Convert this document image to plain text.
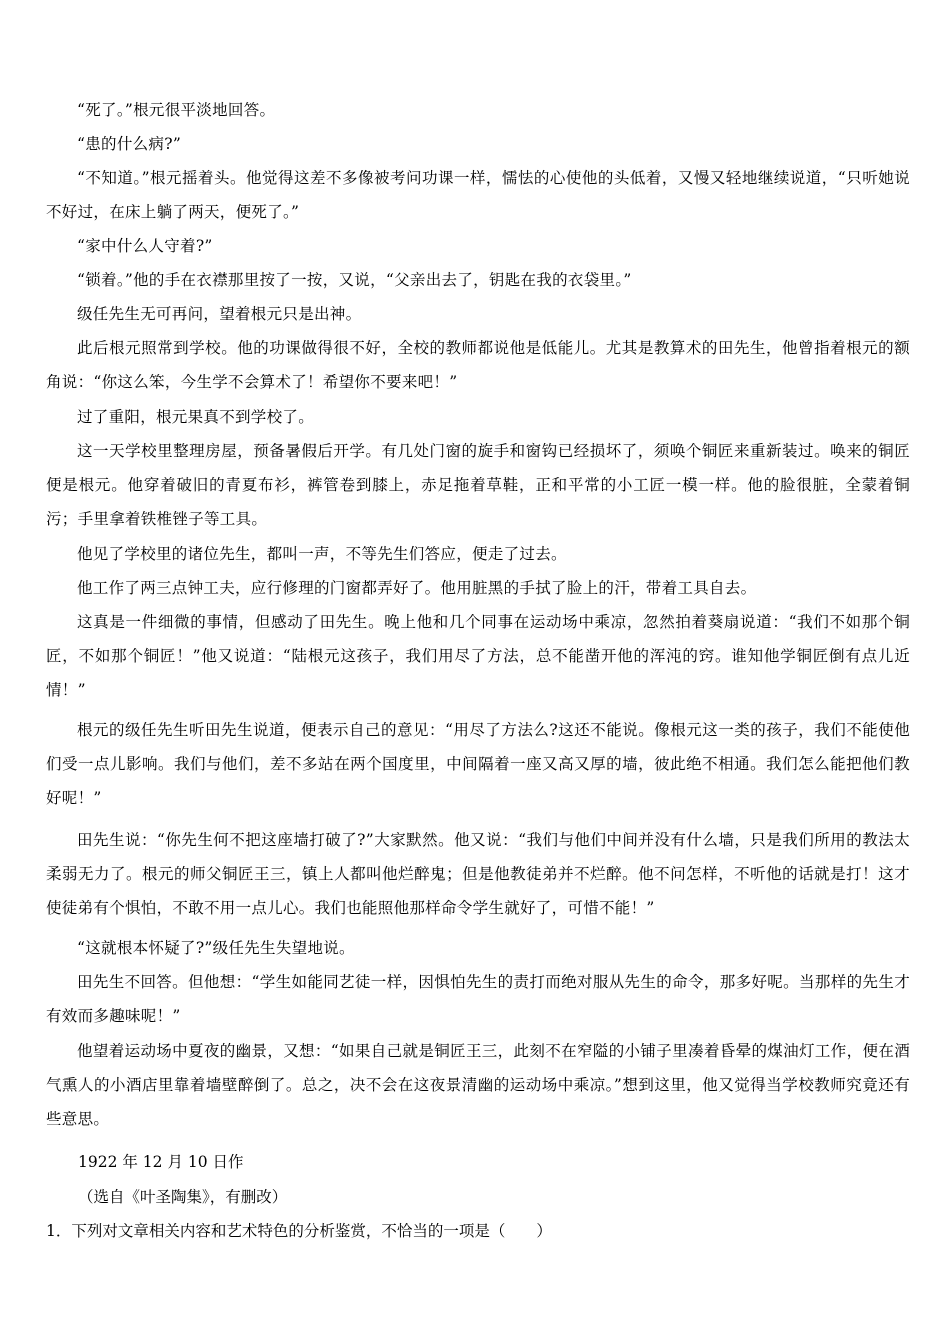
“死了。”根元很平淡地回答。

“患的什么病?”

“不知道。”根元摇着头。他觉得这差不多像被考问功课一样，懦怯的心使他的头低着，又慢又轻地继续说道，“只听她说不好过，在床上躺了两天，便死了。”

“家中什么人守着?”

“锁着。”他的手在衣襟那里按了一按，又说，“父亲出去了，钥匙在我的衣袋里。”

级任先生无可再问，望着根元只是出神。

此后根元照常到学校。他的功课做得很不好，全校的教师都说他是低能儿。尤其是教算术的田先生，他曾指着根元的额角说：“你这么笨，今生学不会算术了！希望你不要来吧！”

过了重阳，根元果真不到学校了。

这一天学校里整理房屋，预备暑假后开学。有几处门窗的旋手和窗钩已经损坏了，须唤个铜匠来重新装过。唤来的铜匠便是根元。他穿着破旧的青夏布衫，裤管卷到膝上，赤足拖着草鞋，正和平常的小工匠一模一样。他的脸很脏，全蒙着铜污；手里拿着铁椎锉子等工具。

他见了学校里的诸位先生，都叫一声，不等先生们答应，便走了过去。

他工作了两三点钟工夫，应行修理的门窗都弄好了。他用脏黑的手拭了脸上的汗，带着工具自去。

这真是一件细微的事情，但感动了田先生。晚上他和几个同事在运动场中乘凉，忽然拍着葵扇说道：“我们不如那个铜匠，不如那个铜匠！”他又说道：“陆根元这孩子，我们用尽了方法，总不能凿开他的浑沌的窍。谁知他学铜匠倒有点儿近情！”

根元的级任先生听田先生说道，便表示自己的意见：“用尽了方法么?这还不能说。像根元这一类的孩子，我们不能使他们受一点儿影响。我们与他们，差不多站在两个国度里，中间隔着一座又高又厚的墙，彼此绝不相通。我们怎么能把他们教好呢！”

田先生说：“你先生何不把这座墙打破了?”大家默然。他又说：“我们与他们中间并没有什么墙，只是我们所用的教法太柔弱无力了。根元的师父铜匠王三，镇上人都叫他烂醉鬼；但是他教徒弟并不烂醉。他不问怎样，不听他的话就是打！这才使徒弟有个惧怕，不敢不用一点儿心。我们也能照他那样命令学生就好了，可惜不能！”

“这就根本怀疑了?”级任先生失望地说。

田先生不回答。但他想：“学生如能同艺徒一样，因惧怕先生的责打而绝对服从先生的命令，那多好呢。当那样的先生才有效而多趣味呢！”

他望着运动场中夏夜的幽景，又想：“如果自己就是铜匠王三，此刻不在窄隘的小铺子里凑着昏晕的煤油灯工作，便在酒气熏人的小酒店里靠着墙壁醉倒了。总之，决不会在这夜景清幽的运动场中乘凉。”想到这里，他又觉得当学校教师究竟还有些意思。

1922 年 12 月 10 日作

（选自《叶圣陶集》，有删改）

1．下列对文章相关内容和艺术特色的分析鉴赏，不恰当的一项是（　　）
